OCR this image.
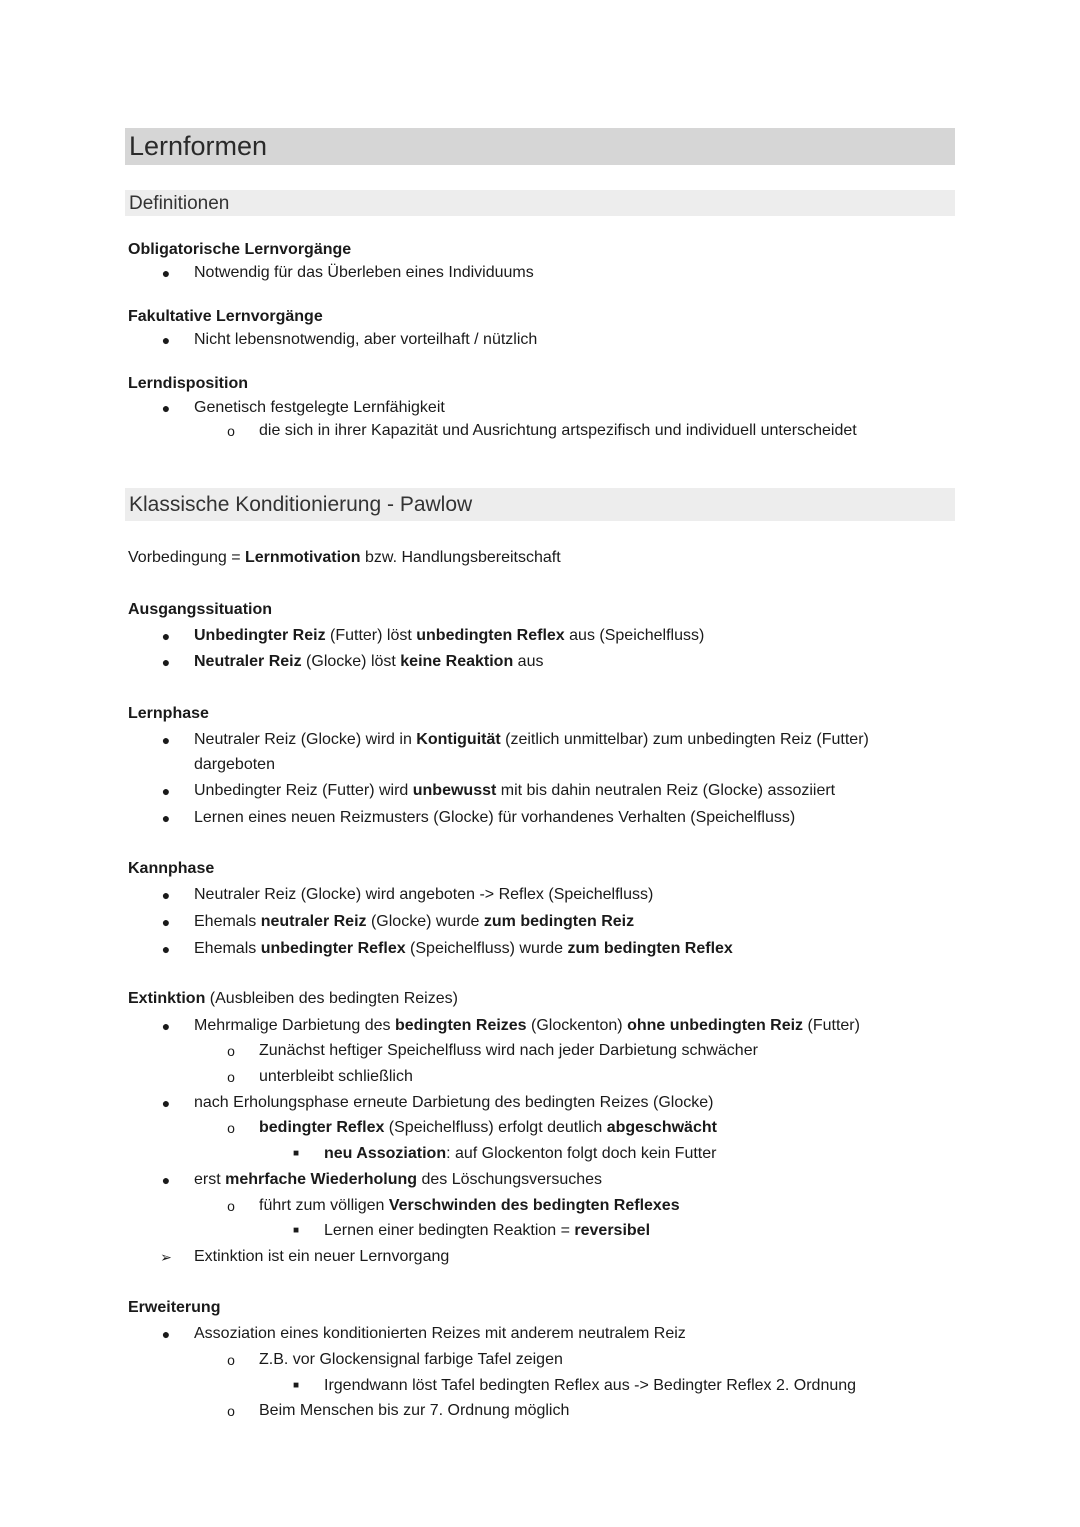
Lernformen
Definitionen
Obligatorische Lernvorgänge
●	Notwendig für das Überleben eines Individuums
Fakultative Lernvorgänge
●	Nicht lebensnotwendig, aber vorteilhaft / nützlich
Lerndisposition
●	Genetisch festgelegte Lernfähigkeit
o	die sich in ihrer Kapazität und Ausrichtung artspezifisch und individuell unterscheidet
Klassische Konditionierung - Pawlow
Vorbedingung = Lernmotivation bzw. Handlungsbereitschaft
Ausgangssituation
●	Unbedingter Reiz (Futter) löst unbedingten Reflex aus (Speichelfluss)
●	Neutraler Reiz (Glocke) löst keine Reaktion aus
Lernphase
●	Neutraler Reiz (Glocke) wird in Kontiguität (zeitlich unmittelbar) zum unbedingten Reiz (Futter)
dargeboten
●	Unbedingter Reiz (Futter) wird unbewusst mit bis dahin neutralen Reiz (Glocke) assoziiert
●	Lernen eines neuen Reizmusters (Glocke) für vorhandenes Verhalten (Speichelfluss)
Kannphase
●	Neutraler Reiz (Glocke) wird angeboten -> Reflex (Speichelfluss)
●	Ehemals neutraler Reiz (Glocke) wurde zum bedingten Reiz
●	Ehemals unbedingter Reflex (Speichelfluss) wurde zum bedingten Reflex
Extinktion (Ausbleiben des bedingten Reizes)
●	Mehrmalige Darbietung des bedingten Reizes (Glockenton) ohne unbedingten Reiz (Futter)
o	Zunächst heftiger Speichelfluss wird nach jeder Darbietung schwächer
o	unterbleibt schließlich
●	nach Erholungsphase erneute Darbietung des bedingten Reizes (Glocke)
o	bedingter Reflex (Speichelfluss) erfolgt deutlich abgeschwächt
■	neu Assoziation: auf Glockenton folgt doch kein Futter
●	erst mehrfache Wiederholung des Löschungsversuches
o	führt zum völligen Verschwinden des bedingten Reflexes
■	Lernen einer bedingten Reaktion = reversibel
➢ Extinktion ist ein neuer Lernvorgang
Erweiterung
●	Assoziation eines konditionierten Reizes mit anderem neutralem Reiz
o	Z.B. vor Glockensignal farbige Tafel zeigen
■	Irgendwann löst Tafel bedingten Reflex aus -> Bedingter Reflex 2. Ordnung
o	Beim Menschen bis zur 7. Ordnung möglich
